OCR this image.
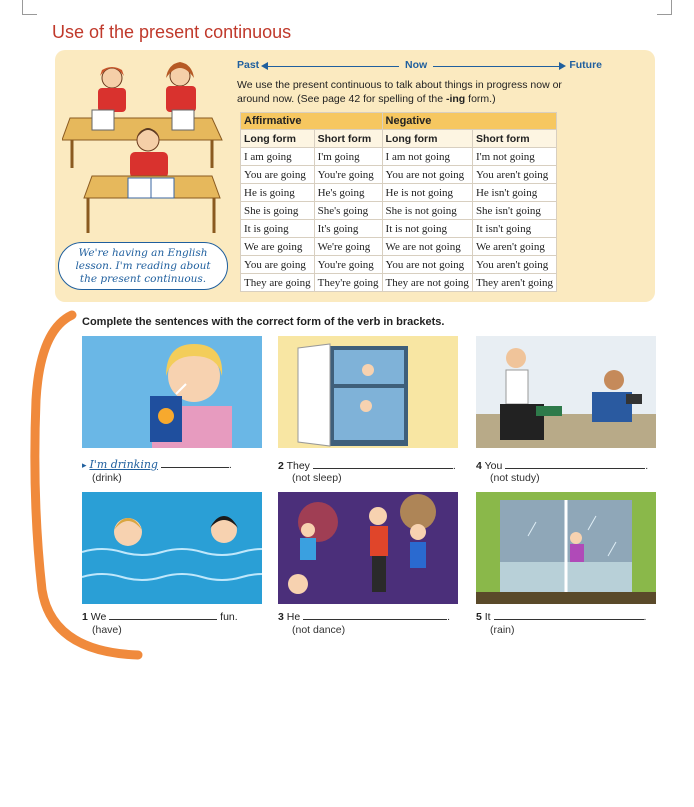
Use of the present continuous
Past	Now	Future
We use the present continuous to talk about things in progress now or
around now. (See page 42 for spelling of the -ing form.)
Affirmative		Negative	
Long form	Short form	Long form	Short form
I am going	I'm going	I am not going	I'm not going
You are going	You're going	You are not going	You aren't going
He is going	He's going	He is not going	He isn't going
She is going	She's going	She is not going	She isn't going
It is going	It's going	It is not going	It isn't going
We are going	We're going	We are not going	We aren't going
You are going	You're going	You are not going	You aren't going
They are going	They're going	They are not going	They aren't going
We're having an English
lesson. I'm reading about
the present continuous.
Complete the sentences with the correct form of the verb in brackets.
▸ I'm drinking	.
(drink)
2 They	.
(not sleep)
4 You	.
(not study)
1 We	fun.
(have)
3 He	.
(not dance)
5 It	.
(rain)
